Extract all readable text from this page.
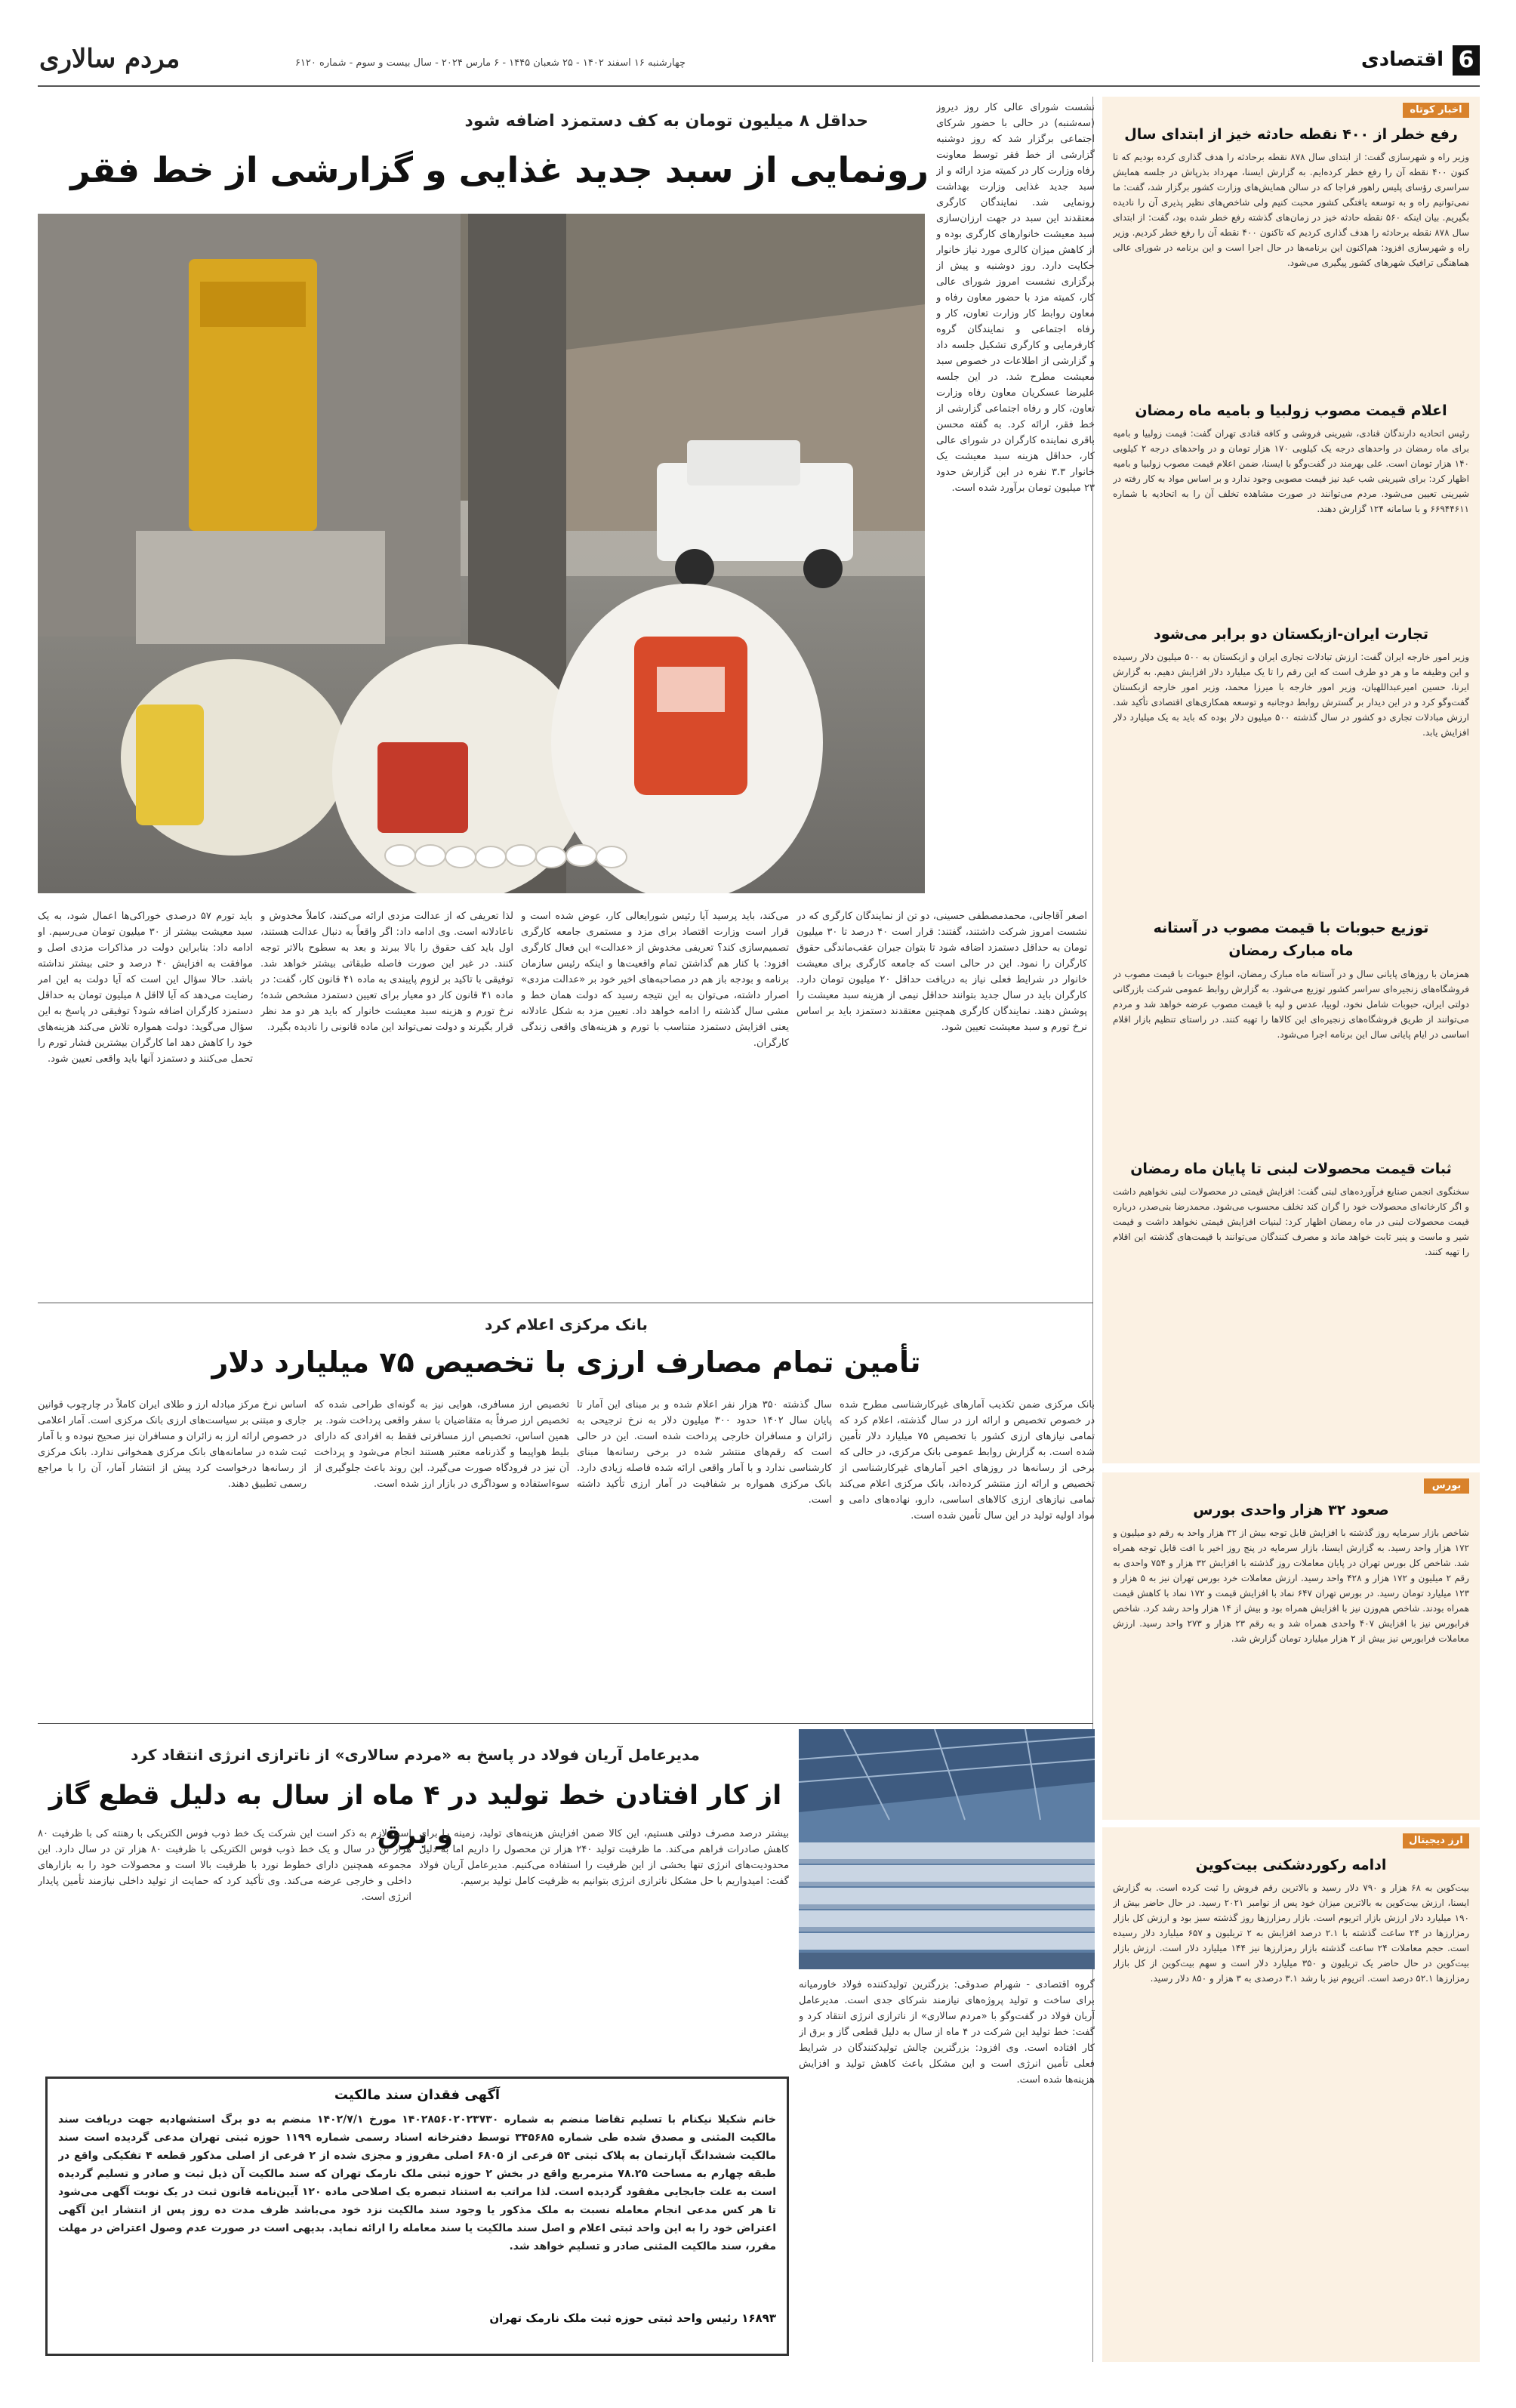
6
اقتصادی
چهارشنبه ۱۶ اسفند ۱۴۰۲ - ۲۵ شعبان ۱۴۴۵ - ۶ مارس ۲۰۲۴ - سال بیست و سوم - شماره ۶۱۲۰
مردم سالاری
اخبار کوتاه
رفع خطر از ۴۰۰ نقطه حادثه خیز از ابتدای سال
وزیر راه و شهرسازی گفت: از ابتدای سال ۸۷۸ نقطه برحادثه را هدف گذاری کرده بودیم که تا کنون ۴۰۰ نقطه آن را رفع خطر کرده‌ایم. به گزارش ایسنا، مهرداد بذرپاش در جلسه همایش سراسری رؤسای پلیس راهور فراجا که در سالن همایش‌های وزارت کشور برگزار شد، گفت: ما نمی‌توانیم راه و به توسعه یافتگی کشور محبت کنیم ولی شاخص‌های نظیر پذیری آن را نادیده بگیریم. بیان اینکه ۵۶۰ نقطه حادثه خیز در زمان‌های گذشته رفع خطر شده بود، گفت: از ابتدای سال ۸۷۸ نقطه برحادثه را هدف گذاری کردیم که تاکنون ۴۰۰ نقطه آن را رفع خطر کردیم. وزیر راه و شهرسازی افزود: هم‌اکنون این برنامه‌ها در حال اجرا است و این برنامه در شورای عالی هماهنگی ترافیک شهرهای کشور پیگیری می‌شود.
اعلام قیمت مصوب زولبیا و بامیه ماه رمضان
رئیس اتحادیه دارندگان قنادی، شیرینی فروشی و کافه قنادی تهران گفت: قیمت زولبیا و بامیه برای ماه رمضان در واحدهای درجه یک کیلویی ۱۷۰ هزار تومان و در واحدهای درجه ۲ کیلویی ۱۴۰ هزار تومان است. علی بهرمند در گفت‌وگو با ایسنا، ضمن اعلام قیمت مصوب زولبیا و بامیه اظهار کرد: برای شیرینی شب عید نیز قیمت مصوبی وجود ندارد و بر اساس مواد به کار رفته در شیرینی تعیین می‌شود. مردم می‌توانند در صورت مشاهده تخلف آن را به اتحادیه با شماره ۶۶۹۴۴۶۱۱ و با سامانه ۱۲۴ گزارش دهند.
تجارت ایران-ازبکستان دو برابر می‌شود
وزیر امور خارجه ایران گفت: ارزش تبادلات تجاری ایران و ازبکستان به ۵۰۰ میلیون دلار رسیده و این وظیفه ما و هر دو طرف است که این رقم را تا یک میلیارد دلار افزایش دهیم. به گزارش ایرنا، حسین امیرعبداللهیان، وزیر امور خارجه با میرزا محمد، وزیر امور خارجه ازبکستان گفت‌وگو کرد و در این دیدار بر گسترش روابط دوجانبه و توسعه همکاری‌های اقتصادی تأکید شد. ارزش مبادلات تجاری دو کشور در سال گذشته ۵۰۰ میلیون دلار بوده که باید به یک میلیارد دلار افزایش یابد.
توزیع حبوبات با قیمت مصوب در آستانه ماه مبارک رمضان
همزمان با روزهای پایانی سال و در آستانه ماه مبارک رمضان، انواع حبوبات با قیمت مصوب در فروشگاه‌های زنجیره‌ای سراسر کشور توزیع می‌شود. به گزارش روابط عمومی شرکت بازرگانی دولتی ایران، حبوبات شامل نخود، لوبیا، عدس و لپه با قیمت مصوب عرضه خواهد شد و مردم می‌توانند از طریق فروشگاه‌های زنجیره‌ای این کالاها را تهیه کنند. در راستای تنظیم بازار اقلام اساسی در ایام پایانی سال این برنامه اجرا می‌شود.
ثبات قیمت محصولات لبنی تا پایان ماه رمضان
سخنگوی انجمن صنایع فرآورده‌های لبنی گفت: افزایش قیمتی در محصولات لبنی نخواهیم داشت و اگر کارخانه‌ای محصولات خود را گران کند تخلف محسوب می‌شود. محمدرضا بنی‌صدر، درباره قیمت محصولات لبنی در ماه رمضان اظهار کرد: لبنیات افزایش قیمتی نخواهد داشت و قیمت شیر و ماست و پنیر ثابت خواهد ماند و مصرف کنندگان می‌توانند با قیمت‌های گذشته این اقلام را تهیه کنند.
بورس
صعود ۳۲ هزار واحدی بورس
شاخص بازار سرمایه روز گذشته با افزایش قابل توجه بیش از ۳۲ هزار واحد به رقم دو میلیون و ۱۷۲ هزار واحد رسید. به گزارش ایسنا، بازار سرمایه در پنج روز اخیر با افت قابل توجه همراه شد. شاخص کل بورس تهران در پایان معاملات روز گذشته با افزایش ۳۲ هزار و ۷۵۴ واحدی به رقم ۲ میلیون و ۱۷۲ هزار و ۴۲۸ واحد رسید. ارزش معاملات خرد بورس تهران نیز به ۵ هزار و ۱۲۳ میلیارد تومان رسید. در بورس تهران ۶۴۷ نماد با افزایش قیمت و ۱۷۲ نماد با کاهش قیمت همراه بودند. شاخص هم‌وزن نیز با افزایش همراه بود و بیش از ۱۴ هزار واحد رشد کرد. شاخص فرابورس نیز با افزایش ۴۰۷ واحدی همراه شد و به رقم ۲۳ هزار و ۲۷۳ واحد رسید. ارزش معاملات فرابورس نیز بیش از ۲ هزار میلیارد تومان گزارش شد.
ارز دیجیتال
ادامه رکوردشکنی بیت‌کوین
بیت‌کوین به ۶۸ هزار و ۷۹۰ دلار رسید و بالاترین رقم فروش را ثبت کرده است. به گزارش ایسنا، ارزش بیت‌کوین به بالاترین میزان خود پس از نوامبر ۲۰۲۱ رسید. در حال حاضر بیش از ۱۹۰ میلیارد دلار ارزش بازار اتریوم است. بازار رمزارزها روز گذشته سبز بود و ارزش کل بازار رمزارزها در ۲۴ ساعت گذشته با ۲.۱ درصد افزایش به ۲ تریلیون و ۶۵۷ میلیارد دلار رسیده است. حجم معاملات ۲۴ ساعت گذشته بازار رمزارزها نیز ۱۴۴ میلیارد دلار است. ارزش بازار بیت‌کوین در حال حاضر یک تریلیون و ۳۵۰ میلیارد دلار است و سهم بیت‌کوین از کل بازار رمزارزها ۵۲.۱ درصد است. اتریوم نیز با رشد ۳.۱ درصدی به ۳ هزار و ۸۵۰ دلار رسید.
حداقل ۸ میلیون تومان به کف دستمزد اضافه شود
رونمایی از سبد جدید غذایی و گزارشی از خط فقر
نشست شورای عالی کار روز دیروز (سه‌شنبه) در حالی با حضور شرکای اجتماعی برگزار شد که روز دوشنبه گزارشی از خط فقر توسط معاونت رفاه وزارت کار در کمیته مزد ارائه و از سبد جدید غذایی وزارت بهداشت رونمایی شد. نمایندگان کارگری معتقدند این سبد در جهت ارزان‌سازی سبد معیشت خانوارهای کارگری بوده و از کاهش میزان کالری مورد نیاز خانوار حکایت دارد. روز دوشنبه و پیش از برگزاری نشست امروز شورای عالی کار، کمیته مزد با حضور معاون رفاه و معاون روابط کار وزارت تعاون، کار و رفاه اجتماعی و نمایندگان گروه کارفرمایی و کارگری تشکیل جلسه داد و گزارشی از اطلاعات در خصوص سبد معیشت مطرح شد. در این جلسه علیرضا عسکریان معاون رفاه وزارت تعاون، کار و رفاه اجتماعی گزارشی از خط فقر، ارائه کرد. به گفته محسن باقری نماینده کارگران در شورای عالی کار، حداقل هزینه سبد معیشت یک خانوار ۳.۳ نفره در این گزارش حدود ۲۳ میلیون تومان برآورد شده است.
اصغر آقاجانی، محمدمصطفی حسینی، دو تن از نمایندگان کارگری که در نشست امروز شرکت داشتند، گفتند: قرار است ۴۰ درصد تا ۳۰ میلیون تومان به حداقل دستمزد اضافه شود تا بتوان جبران عقب‌ماندگی حقوق کارگران را نمود. این در حالی است که جامعه کارگری برای معیشت خانوار در شرایط فعلی نیاز به دریافت حداقل ۲۰ میلیون تومان دارد. کارگران باید در سال جدید بتوانند حداقل نیمی از هزینه سبد معیشت را پوشش دهند. نمایندگان کارگری همچنین معتقدند دستمزد باید بر اساس نرخ تورم و سبد معیشت تعیین شود.
می‌کند، باید پرسید آیا رئیس شورایعالی کار، عوض شده است و قرار است وزارت اقتصاد برای مزد و مستمری جامعه کارگری تصمیم‌سازی کند؟ تعریفی مخدوش از «عدالت» این فعال کارگری افزود: با کنار هم گذاشتن تمام واقعیت‌ها و اینکه رئیس سازمان برنامه و بودجه باز هم در مصاحبه‌های اخیر خود بر «عدالت مزدی» اصرار داشته، می‌توان به این نتیجه رسید که دولت همان خط و مشی سال گذشته را ادامه خواهد داد. تعیین مزد به شکل عادلانه یعنی افزایش دستمزد متناسب با تورم و هزینه‌های واقعی زندگی کارگران.
لذا تعریفی که از عدالت مزدی ارائه می‌کنند، کاملاً مخدوش و ناعادلانه است. وی ادامه داد: اگر واقعاً به دنبال عدالت هستند، اول باید کف حقوق را بالا ببرند و بعد به سطوح بالاتر توجه کنند. در غیر این صورت فاصله طبقاتی بیشتر خواهد شد. توفیقی با تاکید بر لزوم پایبندی به ماده ۴۱ قانون کار، گفت: در ماده ۴۱ قانون کار دو معیار برای تعیین دستمزد مشخص شده؛ نرخ تورم و هزینه سبد معیشت خانوار که باید هر دو مد نظر قرار بگیرند و دولت نمی‌تواند این ماده قانونی را نادیده بگیرد.
باید تورم ۵۷ درصدی خوراکی‌ها اعمال شود، به یک سبد معیشت بیشتر از ۳۰ میلیون تومان می‌رسیم. او ادامه داد: بنابراین دولت در مذاکرات مزدی اصل و موافقت به افزایش ۴۰ درصد و حتی بیشتر نداشته باشد. حالا سؤال این است که آیا دولت به این امر رضایت می‌دهد که آیا لااقل ۸ میلیون تومان به حداقل دستمزد کارگران اضافه شود؟ توفیقی در پاسخ به این سؤال می‌گوید: دولت همواره تلاش می‌کند هزینه‌های خود را کاهش دهد اما کارگران بیشترین فشار تورم را تحمل می‌کنند و دستمزد آنها باید واقعی تعیین شود.
بانک مرکزی اعلام کرد
تأمین تمام مصارف ارزی با تخصیص ۷۵ میلیارد دلار
بانک مرکزی ضمن تکذیب آمارهای غیرکارشناسی مطرح شده در خصوص تخصیص و ارائه ارز در سال گذشته، اعلام کرد که تمامی نیازهای ارزی کشور با تخصیص ۷۵ میلیارد دلار تأمین شده است. به گزارش روابط عمومی بانک مرکزی، در حالی که برخی از رسانه‌ها در روزهای اخیر آمارهای غیرکارشناسی از تخصیص و ارائه ارز منتشر کرده‌اند، بانک مرکزی اعلام می‌کند تمامی نیازهای ارزی کالاهای اساسی، دارو، نهاده‌های دامی و مواد اولیه تولید در این سال تأمین شده است.
سال گذشته ۳۵۰ هزار نفر اعلام شده و بر مبنای این آمار تا پایان سال ۱۴۰۲ حدود ۳۰۰ میلیون دلار به نرخ ترجیحی به زائران و مسافران خارجی پرداخت شده است. این در حالی است که رقم‌های منتشر شده در برخی رسانه‌ها مبنای کارشناسی ندارد و با آمار واقعی ارائه شده فاصله زیادی دارد. بانک مرکزی همواره بر شفافیت در آمار ارزی تأکید داشته است.
تخصیص ارز مسافری، هوایی نیز به گونه‌ای طراحی شده که تخصیص ارز صرفاً به متقاضیان با سفر واقعی پرداخت شود. بر همین اساس، تخصیص ارز مسافرتی فقط به افرادی که دارای بلیط هواپیما و گذرنامه معتبر هستند انجام می‌شود و پرداخت آن نیز در فرودگاه صورت می‌گیرد. این روند باعث جلوگیری از سوءاستفاده و سوداگری در بازار ارز شده است.
اساس نرخ مرکز مبادله ارز و طلای ایران کاملاً در چارچوب قوانین جاری و مبتنی بر سیاست‌های ارزی بانک مرکزی است. آمار اعلامی در خصوص ارائه ارز به زائران و مسافران نیز صحیح نبوده و با آمار ثبت شده در سامانه‌های بانک مرکزی همخوانی ندارد. بانک مرکزی از رسانه‌ها درخواست کرد پیش از انتشار آمار، آن را با مراجع رسمی تطبیق دهند.
مدیرعامل آریان فولاد در پاسخ به «مردم سالاری» از ناترازی انرژی انتقاد کرد
از کار افتادن خط تولید در ۴ ماه از سال به دلیل قطع گاز و برق
گروه اقتصادی - شهرام صدوقی: بزرگترین تولیدکننده فولاد خاورمیانه برای ساخت و تولید پروژه‌های نیازمند شرکای جدی است. مدیرعامل آریان فولاد در گفت‌وگو با «مردم سالاری» از ناترازی انرژی انتقاد کرد و گفت: خط تولید این شرکت در ۴ ماه از سال به دلیل قطعی گاز و برق از کار افتاده است. وی افزود: بزرگترین چالش تولیدکنندگان در شرایط فعلی تأمین انرژی است و این مشکل باعث کاهش تولید و افزایش هزینه‌ها شده است.
بیشتر درصد مصرف دولتی هستیم، این کالا ضمن افزایش هزینه‌های تولید، زمینه را برای کاهش صادرات فراهم می‌کند. ما ظرفیت تولید ۲۴۰ هزار تن محصول را داریم اما به دلیل محدودیت‌های انرژی تنها بخشی از این ظرفیت را استفاده می‌کنیم. مدیرعامل آریان فولاد گفت: امیدواریم با حل مشکل ناترازی انرژی بتوانیم به ظرفیت کامل تولید برسیم.
است لازم به ذکر است این شرکت یک خط ذوب فوس الکتریکی با رهنته کی با ظرفیت ۸۰ هزار تن در سال و یک خط ذوب فوس الکتریکی با ظرفیت ۸۰ هزار تن در سال دارد. این مجموعه همچنین دارای خطوط نورد با ظرفیت بالا است و محصولات خود را به بازارهای داخلی و خارجی عرضه می‌کند. وی تأکید کرد که حمایت از تولید داخلی نیازمند تأمین پایدار انرژی است.
آگهی فقدان سند مالکیت
خانم شکیلا نیکنام با تسلیم تقاضا منضم به شماره ۱۴۰۲۸۵۶۰۲۰۲۳۷۳۰ مورخ ۱۴۰۲/۷/۱ منضم به دو برگ استشهادیه جهت دریافت سند مالکیت المثنی و مصدق شده طی شماره ۳۴۵۶۸۵ توسط دفترخانه اسناد رسمی شماره ۱۱۹۹ حوزه ثبتی تهران مدعی گردیده است سند مالکیت ششدانگ آپارتمان به پلاک ثبتی ۵۴ فرعی از ۶۸۰۵ اصلی مفروز و مجزی شده از ۲ فرعی از اصلی مذکور قطعه ۴ تفکیکی واقع در طبقه چهارم به مساحت ۷۸.۲۵ مترمربع واقع در بخش ۲ حوزه ثبتی ملک نارمک تهران که سند مالکیت آن ذیل ثبت و صادر و تسلیم گردیده است به علت جابجایی مفقود گردیده است. لذا مراتب به استناد تبصره یک اصلاحی ماده ۱۲۰ آیین‌نامه قانون ثبت در یک نوبت آگهی می‌شود تا هر کس مدعی انجام معامله نسبت به ملک مذکور یا وجود سند مالکیت نزد خود می‌باشد ظرف مدت ده روز پس از انتشار این آگهی اعتراض خود را به این واحد ثبتی اعلام و اصل سند مالکیت یا سند معامله را ارائه نماید. بدیهی است در صورت عدم وصول اعتراض در مهلت مقرر، سند مالکیت المثنی صادر و تسلیم خواهد شد.
۱۶۸۹۳ رئیس واحد ثبتی حوزه ثبت ملک نارمک تهران
